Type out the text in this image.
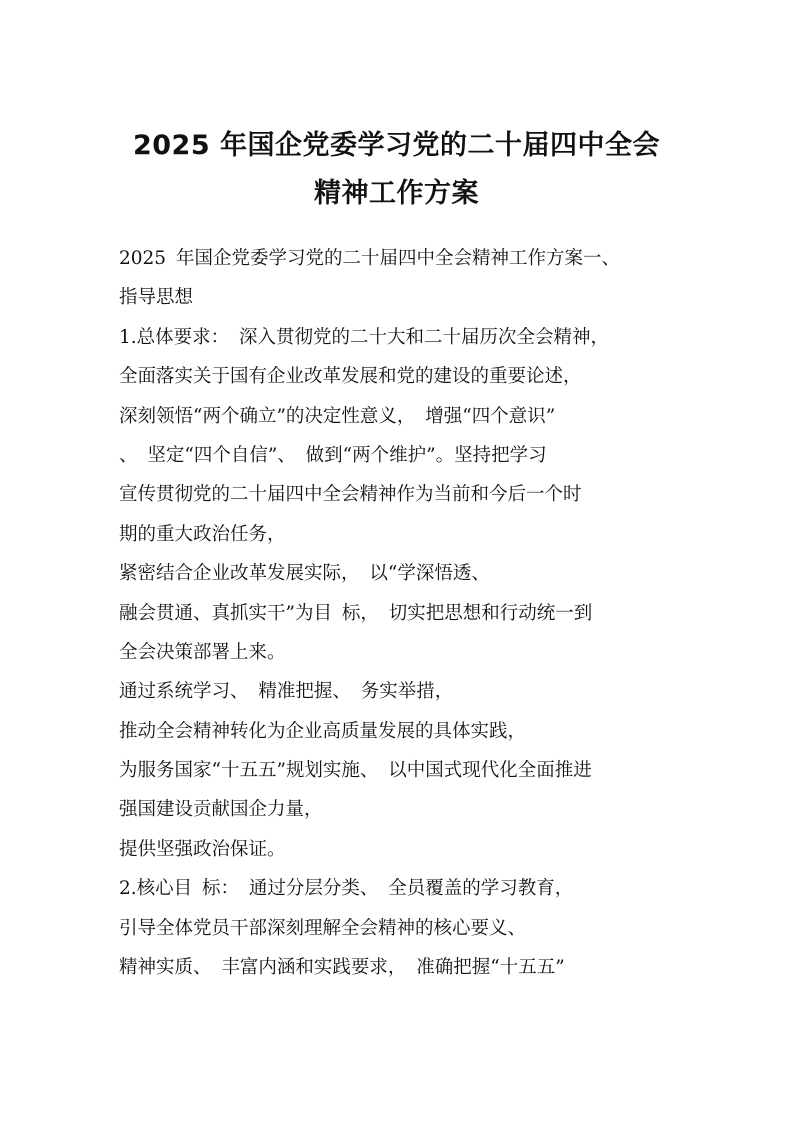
2025 年国企党委学习党的二十届四中全会
精神工作方案
2025 年国企党委学习党的二十届四中全会精神工作方案一、
指导思想
1.总体要求： 深入贯彻党的二十大和二十届历次全会精神，
全面落实关于国有企业改革发展和党的建设的重要论述，
深刻领悟“两个确立”的决定性意义， 增强“四个意识”
、 坚定“四个自信”、 做到“两个维护”。坚持把学习
宣传贯彻党的二十届四中全会精神作为当前和今后一个时
期的重大政治任务，
紧密结合企业改革发展实际， 以“学深悟透、
融会贯通、真抓实干”为目 标， 切实把思想和行动统一到
全会决策部署上来。
通过系统学习、 精准把握、 务实举措，
推动全会精神转化为企业高质量发展的具体实践，
为服务国家“十五五”规划实施、 以中国式现代化全面推进
强国建设贡献国企力量，
提供坚强政治保证。
2.核心目 标： 通过分层分类、 全员覆盖的学习教育，
引导全体党员干部深刻理解全会精神的核心要义、
精神实质、 丰富内涵和实践要求， 准确把握“十五五”
